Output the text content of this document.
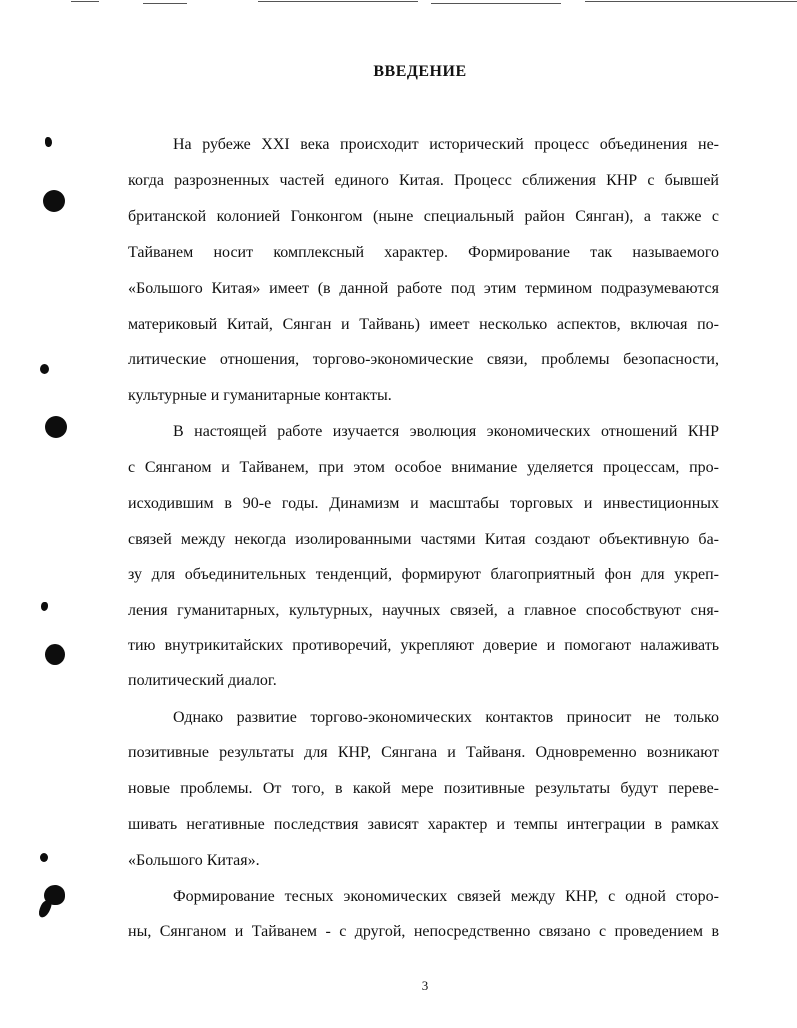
ВВЕДЕНИЕ

На рубеже XXI века происходит исторический процесс объединения не-

когда разрозненных частей единого Китая. Процесс сближения КНР с бывшей

британской колонией Гонконгом (ныне специальный район Сянган), а также с

Тайванем носит комплексный характер. Формирование так называемого

«Большого Китая» имеет (в данной работе под этим термином подразумеваются

материковый Китай, Сянган и Тайвань) имеет несколько аспектов, включая по-

литические отношения, торгово-экономические связи, проблемы безопасности,

культурные и гуманитарные контакты.

В настоящей работе изучается эволюция экономических отношений КНР

с Сянганом и Тайванем, при этом особое внимание уделяется процессам, про-

исходившим в 90-е годы. Динамизм и масштабы торговых и инвестиционных

связей между некогда изолированными частями Китая создают объективную ба-

зу для объединительных тенденций, формируют благоприятный фон для укреп-

ления гуманитарных, культурных, научных связей, а главное способствуют сня-

тию внутрикитайских противоречий, укрепляют доверие и помогают налаживать

политический диалог.

Однако развитие торгово-экономических контактов приносит не только

позитивные результаты для КНР, Сянгана и Тайваня. Одновременно возникают

новые проблемы. От того, в какой мере позитивные результаты будут переве-

шивать негативные последствия зависят характер и темпы интеграции в рамках

«Большого Китая».

Формирование тесных экономических связей между КНР, с одной сторо-

ны, Сянганом и Тайванем - с другой, непосредственно связано с проведением в

3
